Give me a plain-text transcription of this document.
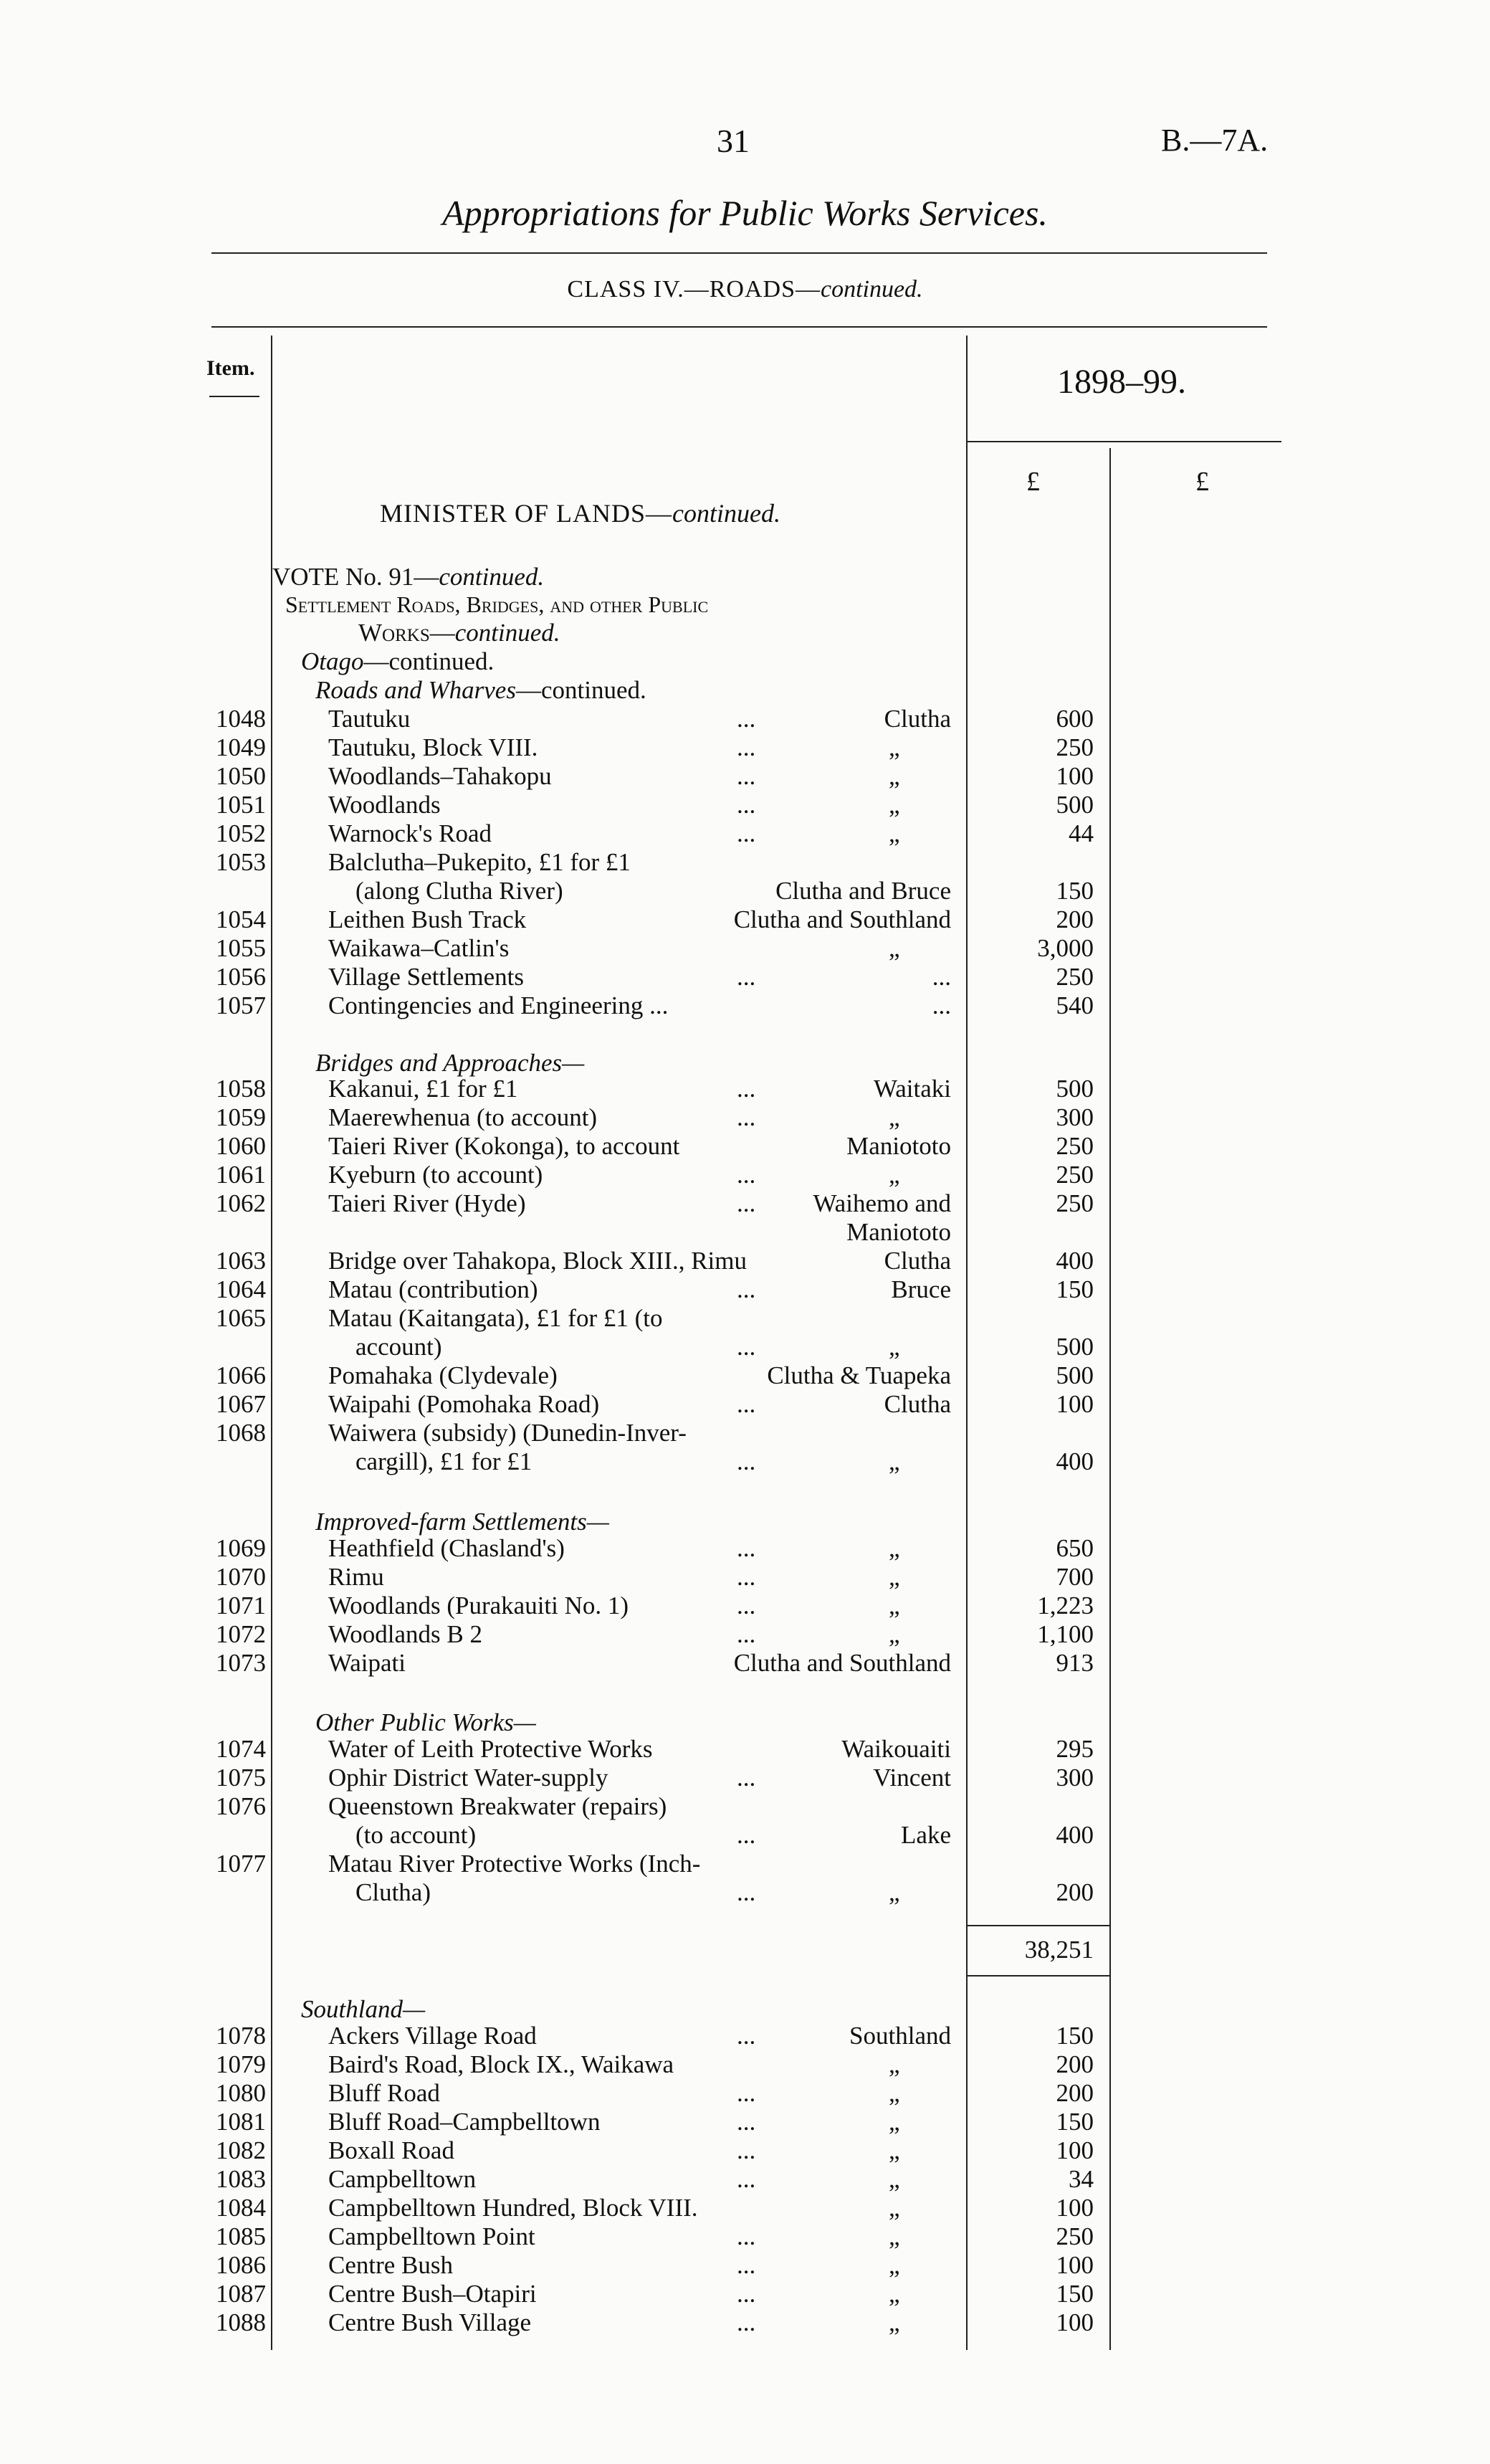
31	B.—7A.
Appropriations for Public Works Services.
CLASS IV.—ROADS—continued.
Item.	1898–99.
£	£
MINISTER OF LANDS—continued.
VOTE No. 91—continued.
Settlement Roads, Bridges, and other Public
Works—continued.
Otago—continued.
Roads and Wharves—continued.
1048 Tautuku	...	Clutha	600
1049 Tautuku, Block VIII.	...	„	250
1050 Woodlands–Tahakopu	...	„	100
1051 Woodlands	...	„	500
1052 Warnock's Road	...	„	44
1053 Balclutha–Pukepito, £1 for £1
(along Clutha River)	Clutha and Bruce	150
1054 Leithen Bush Track	Clutha and Southland	200
1055 Waikawa–Catlin's	„	3,000
1056 Village Settlements	...	...	250
1057 Contingencies and Engineering ...	...	540
Bridges and Approaches—
1058 Kakanui, £1 for £1	...	Waitaki	500
1059 Maerewhenua (to account)	...	„	300
1060 Taieri River (Kokonga), to account	Maniototo	250
1061 Kyeburn (to account)	...	„	250
1062 Taieri River (Hyde)	... Waihemo and	250
Maniototo
1063 Bridge over Tahakopa, Block XIII., Rimu	Clutha	400
1064 Matau (contribution)	...	Bruce	150
1065 Matau (Kaitangata), £1 for £1 (to
account)	...	„	500
1066 Pomahaka (Clydevale)	Clutha & Tuapeka	500
1067 Waipahi (Pomohaka Road)	...	Clutha	100
1068 Waiwera (subsidy) (Dunedin-Inver-
cargill), £1 for £1	...	„	400
Improved-farm Settlements—
1069 Heathfield (Chasland's)	...	„	650
1070 Rimu	...	„	700
1071 Woodlands (Purakauiti No. 1)	...	„	1,223
1072 Woodlands B 2	...	„	1,100
1073 Waipati	Clutha and Southland	913
Other Public Works—
1074 Water of Leith Protective Works	Waikouaiti	295
1075 Ophir District Water-supply	...	Vincent	300
1076 Queenstown Breakwater (repairs)
(to account)	...	Lake	400
1077 Matau River Protective Works (Inch-
Clutha)	...	„	200
38,251
Southland—
1078 Ackers Village Road	...	Southland	150
1079 Baird's Road, Block IX., Waikawa	„	200
1080 Bluff Road	...	„	200
1081 Bluff Road–Campbelltown	...	„	150
1082 Boxall Road	...	„	100
1083 Campbelltown	...	„	34
1084 Campbelltown Hundred, Block VIII.	„	100
1085 Campbelltown Point	...	„	250
1086 Centre Bush	...	„	100
1087 Centre Bush–Otapiri	...	„	150
1088 Centre Bush Village	...	„	100
